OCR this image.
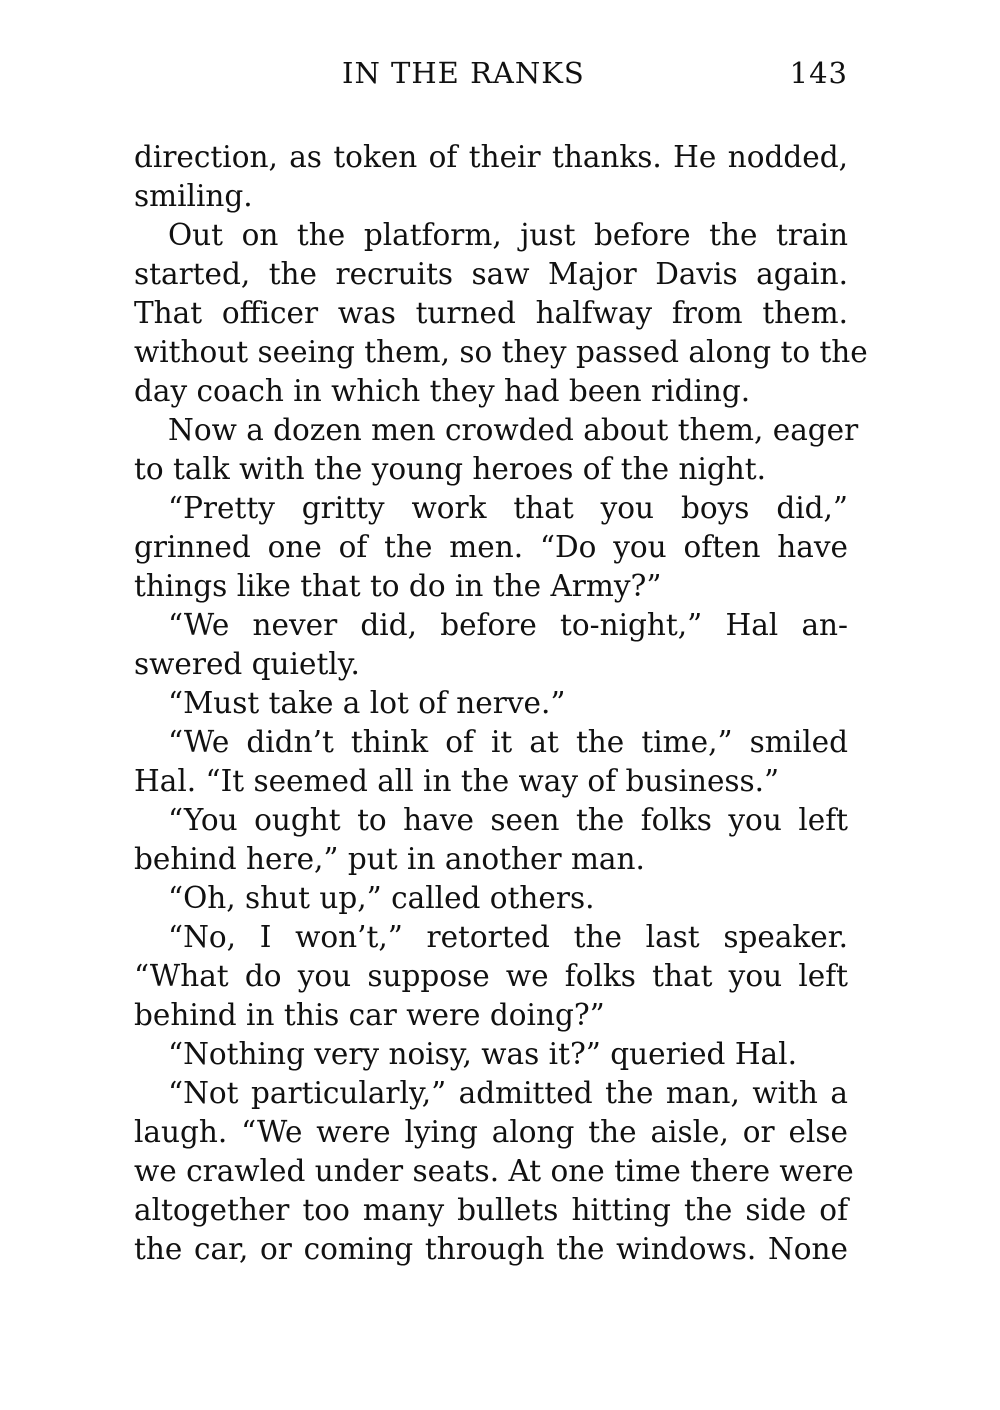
IN THE RANKS	143
direction, as token of their thanks. He nodded,
smiling.
Out on the platform, just before the train
started, the recruits saw Major Davis again.
That officer was turned halfway from them.
without seeing them, so they passed along to the
day coach in which they had been riding.
Now a dozen men crowded about them, eager
to talk with the young heroes of the night.
“Pretty gritty work that you boys did,”
grinned one of the men. “Do you often have
things like that to do in the Army?”
“We never did, before to-night,” Hal an-
swered quietly.
“Must take a lot of nerve.”
“We didn’t think of it at the time,” smiled
Hal. “It seemed all in the way of business.”
“You ought to have seen the folks you left
behind here,” put in another man.
“Oh, shut up,” called others.
“No, I won’t,” retorted the last speaker.
“What do you suppose we folks that you left
behind in this car were doing?”
“Nothing very noisy, was it?” queried Hal.
“Not particularly,” admitted the man, with a
laugh. “We were lying along the aisle, or else
we crawled under seats. At one time there were
altogether too many bullets hitting the side of
the car, or coming through the windows. None
